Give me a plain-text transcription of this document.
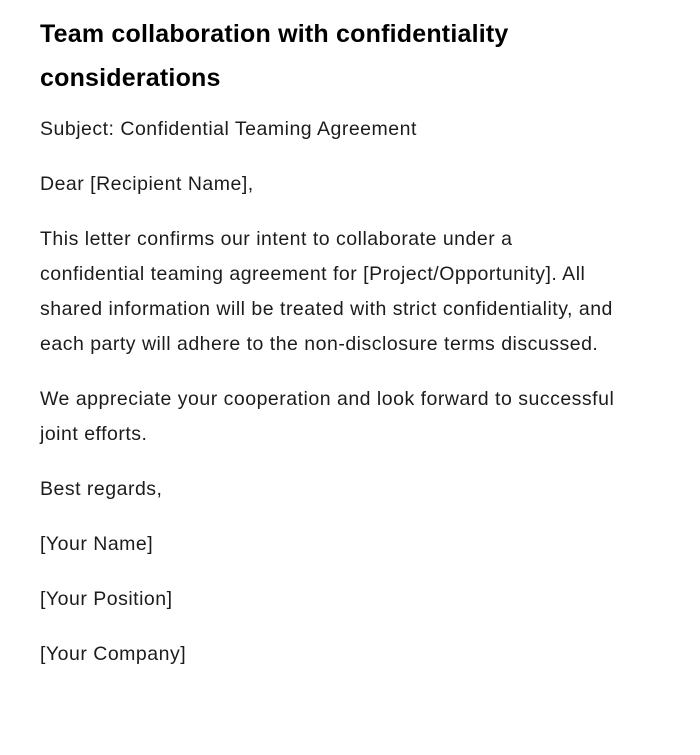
Team collaboration with confidentiality considerations

Subject: Confidential Teaming Agreement

Dear [Recipient Name],

This letter confirms our intent to collaborate under a confidential teaming agreement for [Project/Opportunity]. All shared information will be treated with strict confidentiality, and each party will adhere to the non-disclosure terms discussed.

We appreciate your cooperation and look forward to successful joint efforts.

Best regards,

[Your Name]

[Your Position]

[Your Company]
